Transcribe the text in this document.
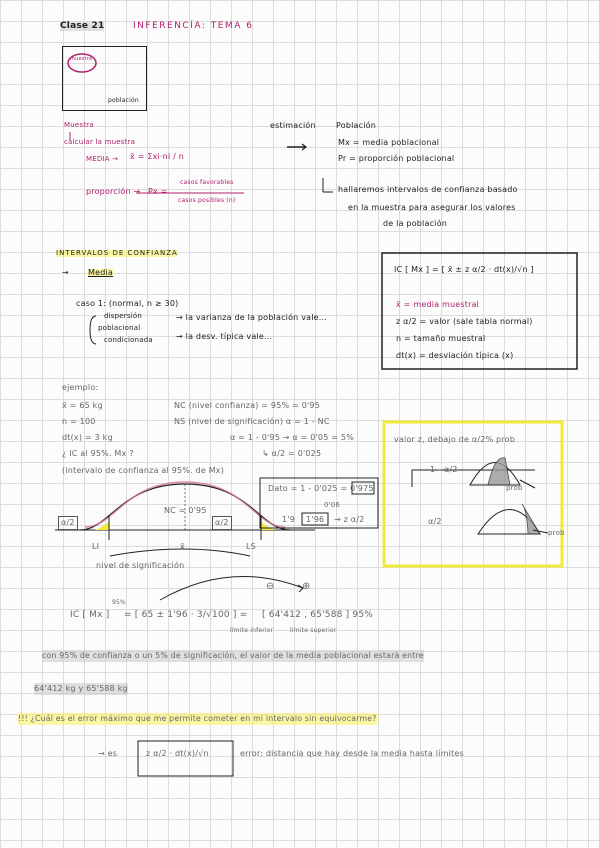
Clase 21	INFERENCÍA: TEMA 6
muestra
población
Muestra
calcular la muestra
MEDIA → x̄ = Σxi·ni / n
proporción → Px =
casos favorables
casos posibles (n)
estimación	Población
Mx = media poblacional
Pr = proporción poblacional
hallaremos intervalos de confianza basado
en la muestra para asegurar los valores
de la población
INTERVALOS DE CONFIANZA
→ Media
caso 1: (normal, n ≥ 30)
dispersión
poblacional
condicionada
→ la varianza de la población vale...
→ la desv. típica vale...
IC [ Mx ] = [ x̄ ± z α/2 · dt(x)/√n ]
x̄ = media muestral
z α/2 = valor (sale tabla normal)
n = tamaño muestral
dt(x) = desviación típica (x)
ejemplo:
x̄ = 65 kg
n = 100
dt(x) = 3 kg
¿ IC al 95%. Mx ?
(intervalo de confianza al 95%. de Mx)
NC (nivel confianza) = 95% = 0'95
NS (nivel de significación) α = 1 - NC
α = 1 - 0'95 → α = 0'05 = 5%
↳ α/2 = 0'025
NC = 0'95
α/2	α/2
LI	x̄	LS
nivel de significación
Dato = 1 - 0'025 = 0'975
0'06
1'9 1'96 → z α/2
valor z, debajo de α/2% prob
1 - α/2
prob
α/2
prob
⊖	⊕
IC [ Mx ]
95%
= [ 65 ± 1'96 · 3/√100 ] = [ 64'412 , 65'588 ] 95%
límite inferior	límite superior
con 95% de confianza o un 5% de significación, el valor de la media poblacional estará entre
64'412 kg y 65'588 kg
!!! ¿Cuál es el error máximo que me permite cometer en mi intervalo sin equivocarme?
→ es	z α/2 · dt(x)/√n	error: distancia que hay desde la media hasta límites
